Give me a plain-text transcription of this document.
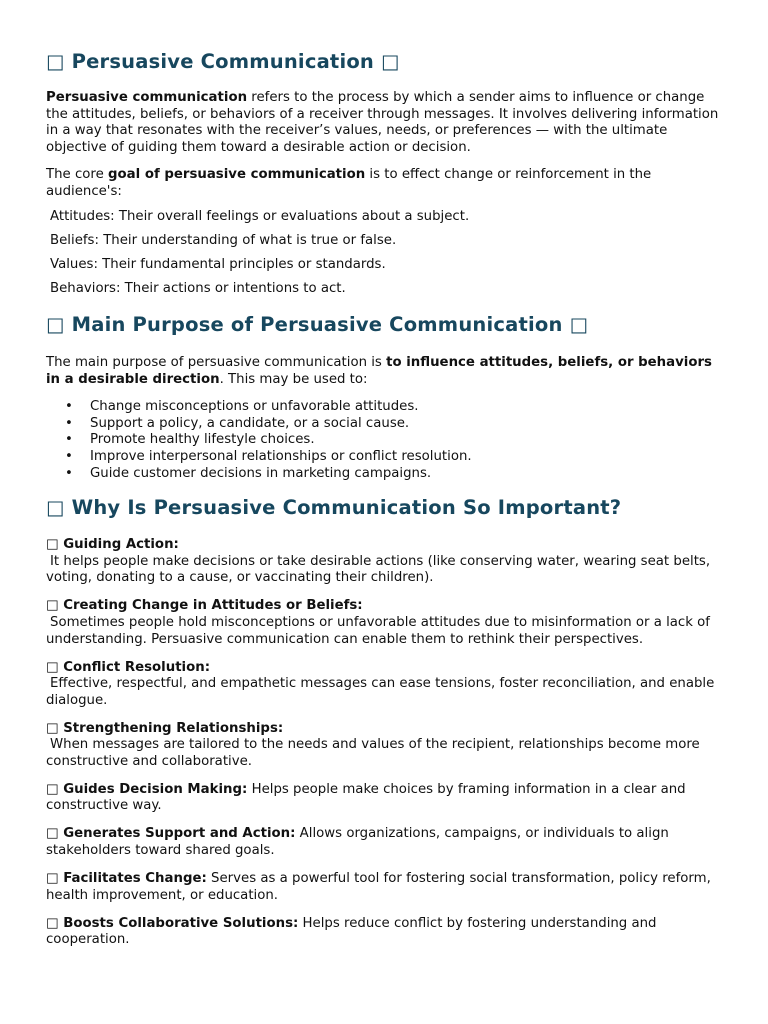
□ Persuasive Communication □

Persuasive communication refers to the process by which a sender aims to influence or change the attitudes, beliefs, or behaviors of a receiver through messages. It involves delivering information in a way that resonates with the receiver’s values, needs, or preferences — with the ultimate objective of guiding them toward a desirable action or decision.

The core goal of persuasive communication is to effect change or reinforcement in the audience's:

Attitudes: Their overall feelings or evaluations about a subject.

Beliefs: Their understanding of what is true or false.

Values: Their fundamental principles or standards.

Behaviors: Their actions or intentions to act.

□ Main Purpose of Persuasive Communication □

The main purpose of persuasive communication is to influence attitudes, beliefs, or behaviors in a desirable direction. This may be used to:

• Change misconceptions or unfavorable attitudes.
• Support a policy, a candidate, or a social cause.
• Promote healthy lifestyle choices.
• Improve interpersonal relationships or conflict resolution.
• Guide customer decisions in marketing campaigns.
□ Why Is Persuasive Communication So Important?

□ Guiding Action:
It helps people make decisions or take desirable actions (like conserving water, wearing seat belts, voting, donating to a cause, or vaccinating their children).

□ Creating Change in Attitudes or Beliefs:
Sometimes people hold misconceptions or unfavorable attitudes due to misinformation or a lack of understanding. Persuasive communication can enable them to rethink their perspectives.

□ Conflict Resolution:
Effective, respectful, and empathetic messages can ease tensions, foster reconciliation, and enable dialogue.

□ Strengthening Relationships:
When messages are tailored to the needs and values of the recipient, relationships become more constructive and collaborative.

□ Guides Decision Making: Helps people make choices by framing information in a clear and constructive way.

□ Generates Support and Action: Allows organizations, campaigns, or individuals to align stakeholders toward shared goals.

□ Facilitates Change: Serves as a powerful tool for fostering social transformation, policy reform, health improvement, or education.

□ Boosts Collaborative Solutions: Helps reduce conflict by fostering understanding and cooperation.
